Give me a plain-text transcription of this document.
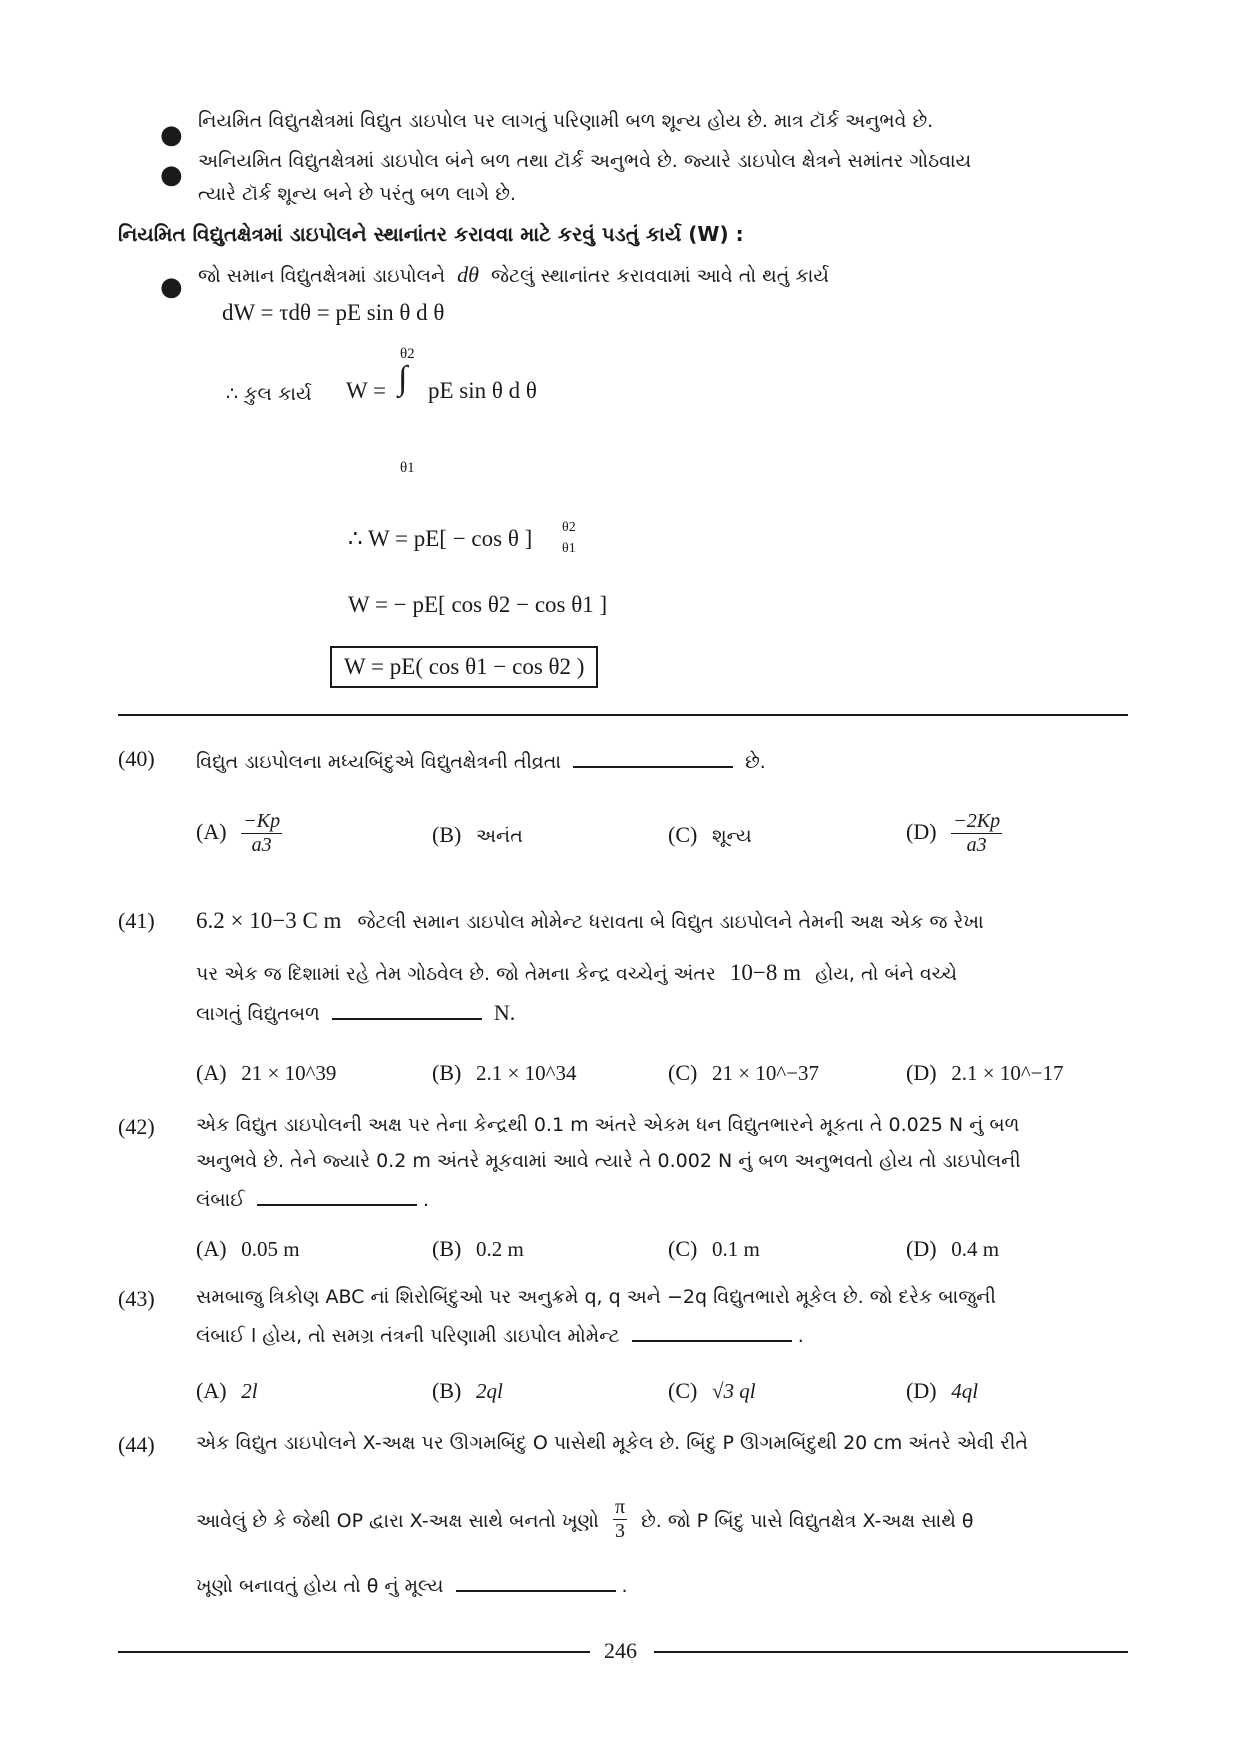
● નિયમિત વિદ્યુતક્ષેત્રમાં વિદ્યુત ડાઇપોલ પર લાગતું પરિણામી બળ શૂન્ય હોય છે. માત્ર ટૉર્ક અનુભવે છે.
● અનિયમિત વિદ્યુતક્ષેત્રમાં ડાઇપોલ બંને બળ તથા ટૉર્ક અનુભવે છે. જ્યારે ડાઇપોલ ક્ષેત્રને સમાંતર ગોઠવાય
ત્યારે ટૉર્ક શૂન્ય બને છે પરંતુ બળ લાગે છે.
નિયમિત વિદ્યુતક્ષેત્રમાં ડાઇપોલને સ્થાનાંતર કરાવવા માટે કરવું પડતું કાર્ય (W) :
● જો સમાન વિદ્યુતક્ષેત્રમાં ડાઇપોલને dθ જેટલું સ્થાનાંતર કરાવવામાં આવે તો થતું કાર્ય
dW = τdθ = pE sin θ d θ
∴ કુલ કાર્ય W = ∫
θ2
θ1
pE sin θ d θ
∴ W = pE[ − cos θ ] θ2
θ1
W = − pE[ cos θ2 − cos θ1 ]
W = pE( cos θ1 − cos θ2 )
(40) વિદ્યુત ડાઇપોલના મધ્યબિંદુએ વિદ્યુતક્ષેત્રની તીવ્રતા	છે.
$(A) \frac{-Kp}{a3}$	(B) અનંત	(C) શૂન્ય	$(D) \frac{-2Kp}{a3}$
(41) 6.2 × 10−3 C m જેટલી સમાન ડાઇપોલ મોમેન્ટ ધરાવતા બે વિદ્યુત ડાઇપોલને તેમની અક્ષ એક જ રેખા
પર એક જ દિશામાં રહે તેમ ગોઠવેલ છે. જો તેમના કેન્દ્ર વચ્ચેનું અંતર 10−8 m હોય, તો બંને વચ્ચે
લાગતું વિદ્યુતબળ	N.
(A) 21 × 10^39	(B) 2.1 × 10^34	(C) 21 × 10^−37	(D) 2.1 × 10^−17
(42) એક વિદ્યુત ડાઇપોલની અક્ષ પર તેના કેન્દ્રથી 0.1 m અંતરે એકમ ધન વિદ્યુતભારને મૂકતા તે 0.025 N નું બળ
અનુભવે છે. તેને જ્યારે 0.2 m અંતરે મૂકવામાં આવે ત્યારે તે 0.002 N નું બળ અનુભવતો હોય તો ડાઇપોલની
લંબાઈ	.
(A) 0.05 m	(B) 0.2 m	(C) 0.1 m	(D) 0.4 m
(43) સમબાજુ ત્રિકોણ ABC નાં શિરોબિંદુઓ પર અનુક્રમે q, q અને −2q વિદ્યુતભારો મૂકેલ છે. જો દરેક બાજુની
લંબાઈ l હોય, તો સમગ્ર તંત્રની પરિણામી ડાઇપોલ મોમેન્ટ	.
(A) 2l	(B) 2ql	(C) √3 ql	(D) 4ql
(44) એક વિદ્યુત ડાઇપોલને X-અક્ષ પર ઊગમબિંદુ O પાસેથી મૂકેલ છે. બિંદુ P ઊગમબિંદુથી 20 cm અંતરે એવી રીતે
આવેલું છે કે જેથી OP દ્વારા X-અક્ષ સાથે બનતો ખૂણો $\frac{\pi}{3}$ છે. જો P બિંદુ પાસે વિદ્યુતક્ષેત્ર X-અક્ષ સાથે θ
ખૂણો બનાવતું હોય તો θ નું મૂલ્ય	.
246
